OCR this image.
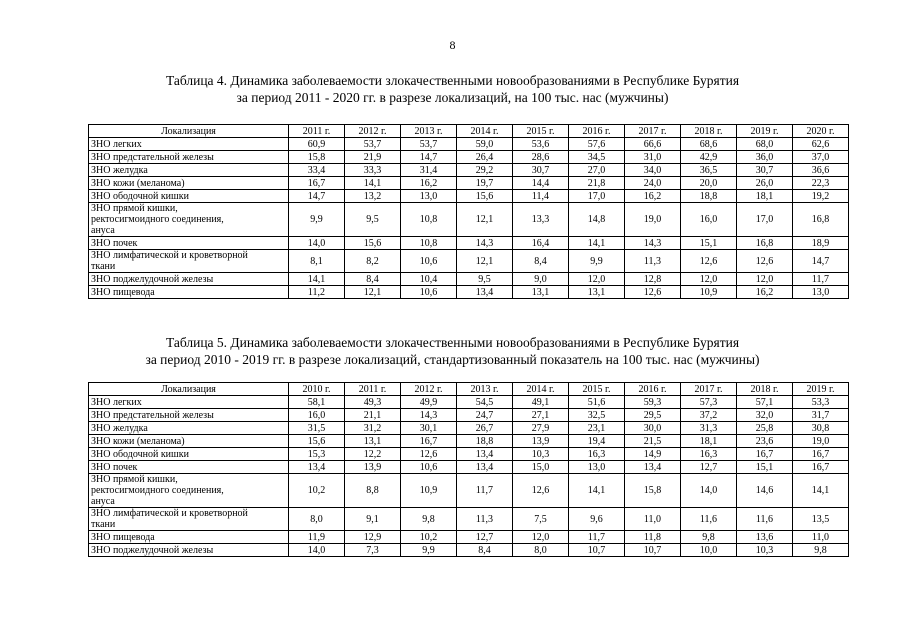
8
Таблица 4. Динамика заболеваемости злокачественными новообразованиями в Республике Бурятия
за период 2011 - 2020 гг. в разрезе локализаций, на 100 тыс. нас (мужчины)
Локализация	2011 г.	2012 г.	2013 г.	2014 г.	2015 г.	2016 г.	2017 г.	2018 г.	2019 г.	2020 г.

ЗНО легких	60,9	53,7	53,7	59,0	53,6	57,6	66,6	68,6	68,0	62,6

ЗНО предстательной железы	15,8	21,9	14,7	26,4	28,6	34,5	31,0	42,9	36,0	37,0

ЗНО желудка	33,4	33,3	31,4	29,2	30,7	27,0	34,0	36,5	30,7	36,6

ЗНО кожи (меланома)	16,7	14,1	16,2	19,7	14,4	21,8	24,0	20,0	26,0	22,3

ЗНО ободочной кишки	14,7	13,2	13,0	15,6	11,4	17,0	16,2	18,8	18,1	19,2

ЗНО прямой кишки,
ректосигмоидного соединения,
ануса	9,9	9,5	10,8	12,1	13,3	14,8	19,0	16,0	17,0	16,8

ЗНО почек	14,0	15,6	10,8	14,3	16,4	14,1	14,3	15,1	16,8	18,9

ЗНО лимфатической и кроветворной
ткани	8,1	8,2	10,6	12,1	8,4	9,9	11,3	12,6	12,6	14,7

ЗНО поджелудочной железы	14,1	8,4	10,4	9,5	9,0	12,0	12,8	12,0	12,0	11,7

ЗНО пищевода	11,2	12,1	10,6	13,4	13,1	13,1	12,6	10,9	16,2	13,0
Таблица 5. Динамика заболеваемости злокачественными новообразованиями в Республике Бурятия
за период 2010 - 2019 гг. в разрезе локализаций, стандартизованный показатель на 100 тыс. нас (мужчины)
Локализация	2010 г.	2011 г.	2012 г.	2013 г.	2014 г.	2015 г.	2016 г.	2017 г.	2018 г.	2019 г.

ЗНО легких	58,1	49,3	49,9	54,5	49,1	51,6	59,3	57,3	57,1	53,3

ЗНО предстательной железы	16,0	21,1	14,3	24,7	27,1	32,5	29,5	37,2	32,0	31,7

ЗНО желудка	31,5	31,2	30,1	26,7	27,9	23,1	30,0	31,3	25,8	30,8

ЗНО кожи (меланома)	15,6	13,1	16,7	18,8	13,9	19,4	21,5	18,1	23,6	19,0

ЗНО ободочной кишки	15,3	12,2	12,6	13,4	10,3	16,3	14,9	16,3	16,7	16,7

ЗНО почек	13,4	13,9	10,6	13,4	15,0	13,0	13,4	12,7	15,1	16,7

ЗНО прямой кишки,
ректосигмоидного соединения,
ануса	10,2	8,8	10,9	11,7	12,6	14,1	15,8	14,0	14,6	14,1

ЗНО лимфатической и кроветворной
ткани	8,0	9,1	9,8	11,3	7,5	9,6	11,0	11,6	11,6	13,5

ЗНО пищевода	11,9	12,9	10,2	12,7	12,0	11,7	11,8	9,8	13,6	11,0

ЗНО поджелудочной железы	14,0	7,3	9,9	8,4	8,0	10,7	10,7	10,0	10,3	9,8
